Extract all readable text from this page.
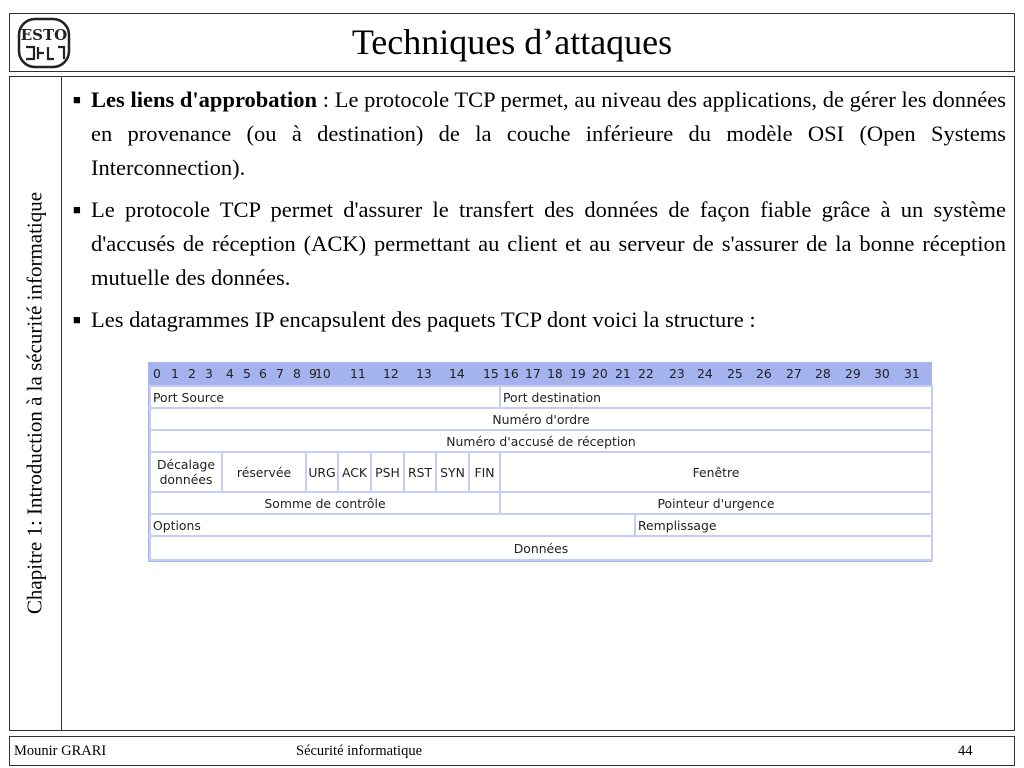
ESTO	Techniques d’attaques
Chapitre 1: Introduction à la sécurité informatique

■ Les liens d'approbation : Le protocole TCP permet, au niveau des applications, de gérer les données en provenance (ou à destination) de la couche inférieure du modèle OSI (Open Systems Interconnection).

■ Le protocole TCP permet d'assurer le transfert des données de façon fiable grâce à un système d'accusés de réception (ACK) permettant au client et au serveur de s'assurer de la bonne réception mutuelle des données.

■ Les datagrammes IP encapsulent des paquets TCP dont voici la structure :

0 1 2 3 4 5 6 7 8 9
10 11 12 13 14 15 16 17 18 19 20 21 22 23 24 25 26 27 28 29 30 31
Port Source	Port destination
Numéro d'ordre
Numéro d'accusé de réception
Décalage données	réservée	URG ACK PSH RST SYN FIN	Fenêtre
Somme de contrôle	Pointeur d'urgence
Options	Remplissage
Données
Mounir GRARI	Sécurité informatique	44
